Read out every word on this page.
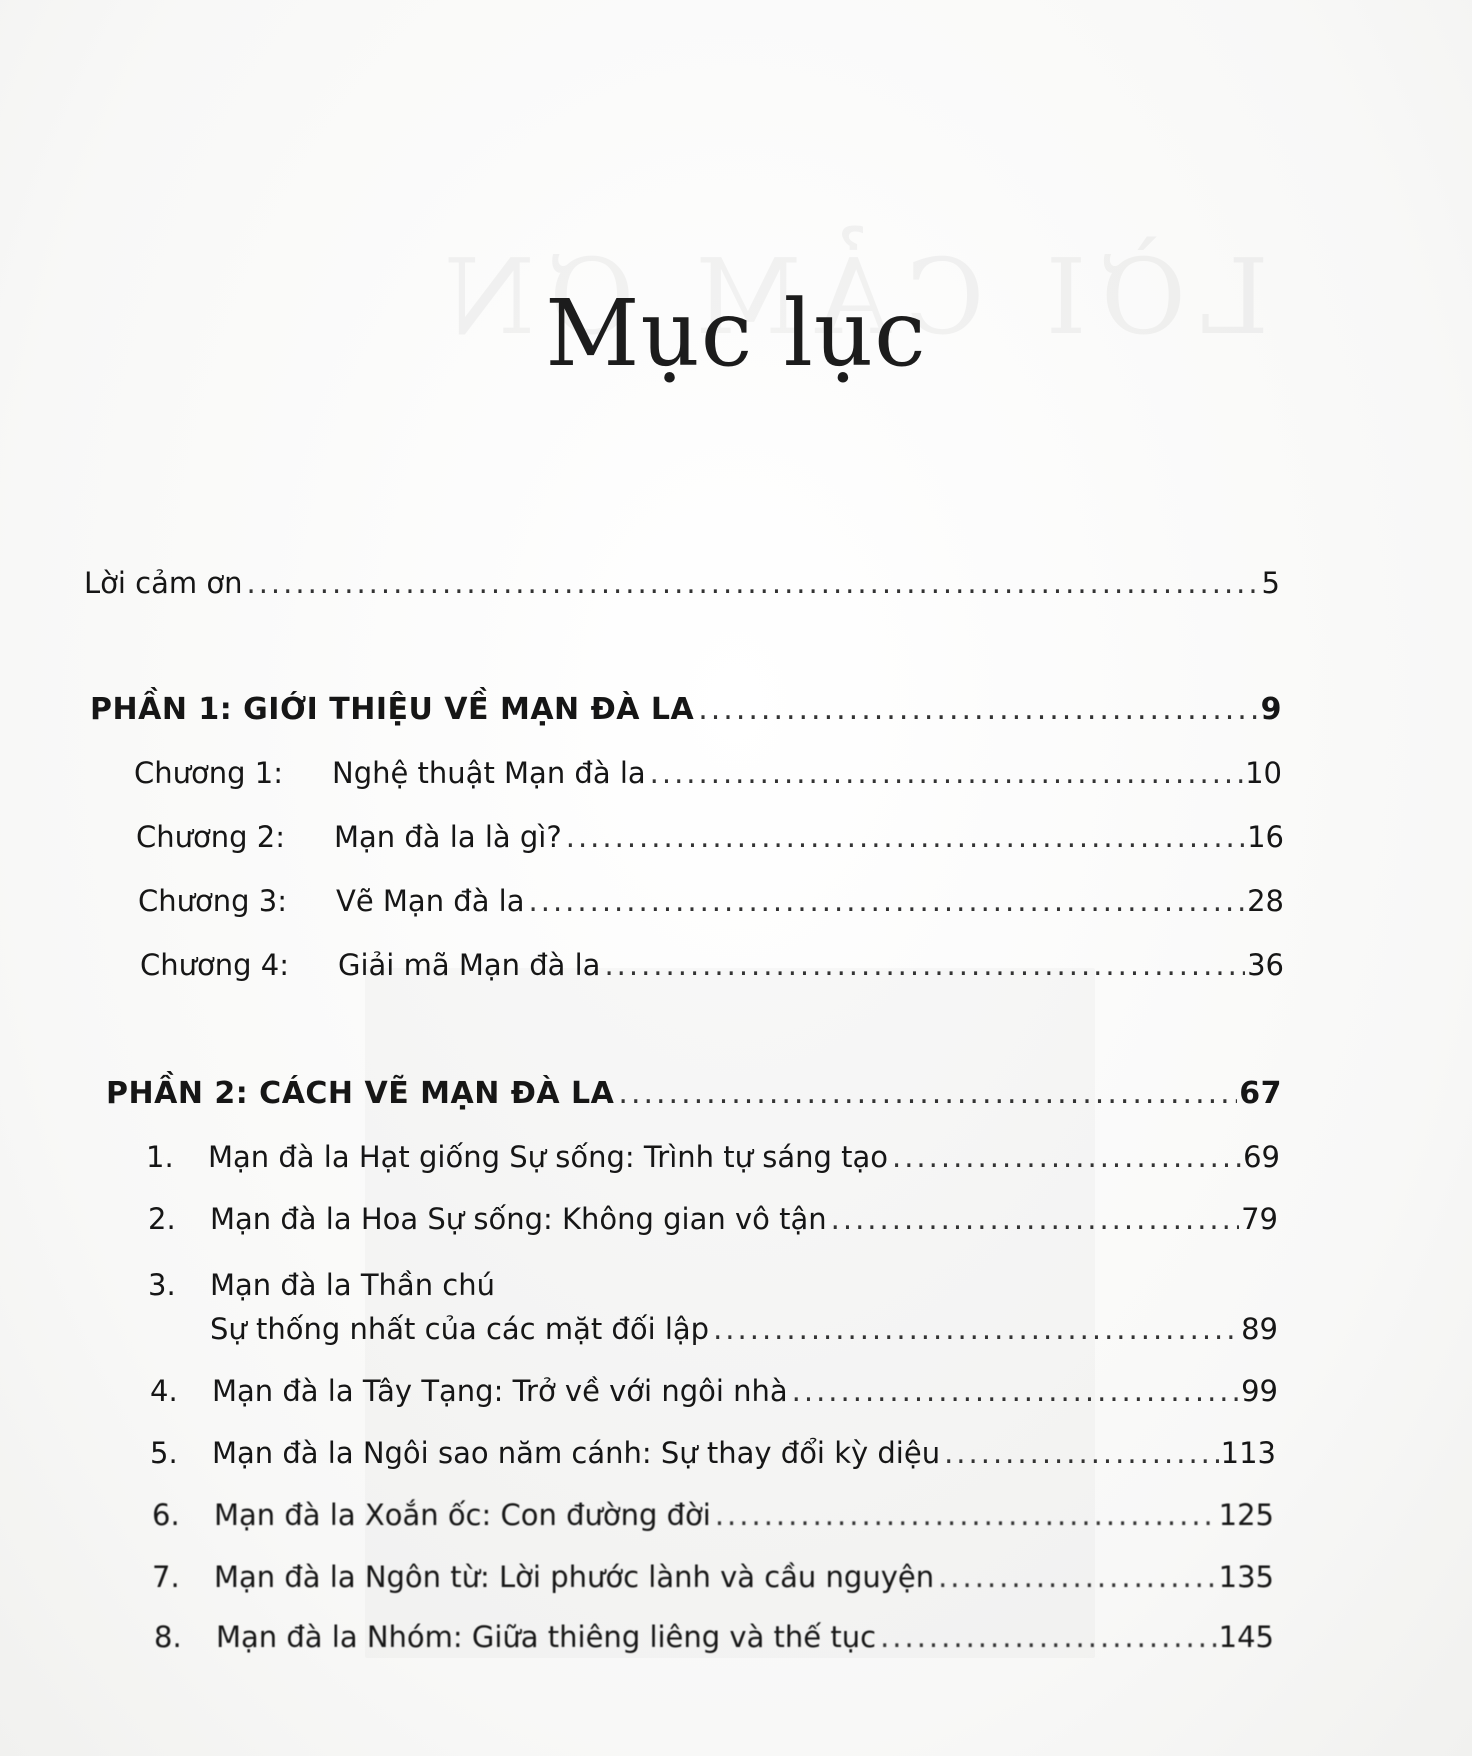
Mục lục
Lời cảm ơn .....	5
PHẦN 1: GIỚI THIỆU VỀ MẠN ĐÀ LA .....	9
Chương 1:	Nghệ thuật Mạn đà la .....	10
Chương 2:	Mạn đà la là gì? .....	16
Chương 3:	Vẽ Mạn đà la .....	28
Chương 4:	Giải mã Mạn đà la .....	36
PHẦN 2: CÁCH VẼ MẠN ĐÀ LA .....	67
1.	Mạn đà la Hạt giống Sự sống: Trình tự sáng tạo .....	69
2.	Mạn đà la Hoa Sự sống: Không gian vô tận .....	79
3. Mạn đà la Thần chú
Sự thống nhất của các mặt đối lập .....	89
4.	Mạn đà la Tây Tạng: Trở về với ngôi nhà .....	99
5.	Mạn đà la Ngôi sao năm cánh: Sự thay đổi kỳ diệu .....	113
6.	Mạn đà la Xoắn ốc: Con đường đời .....	125
7.	Mạn đà la Ngôn từ: Lời phước lành và cầu nguyện .....	135
8.	Mạn đà la Nhóm: Giữa thiêng liêng và thế tục .....	145
